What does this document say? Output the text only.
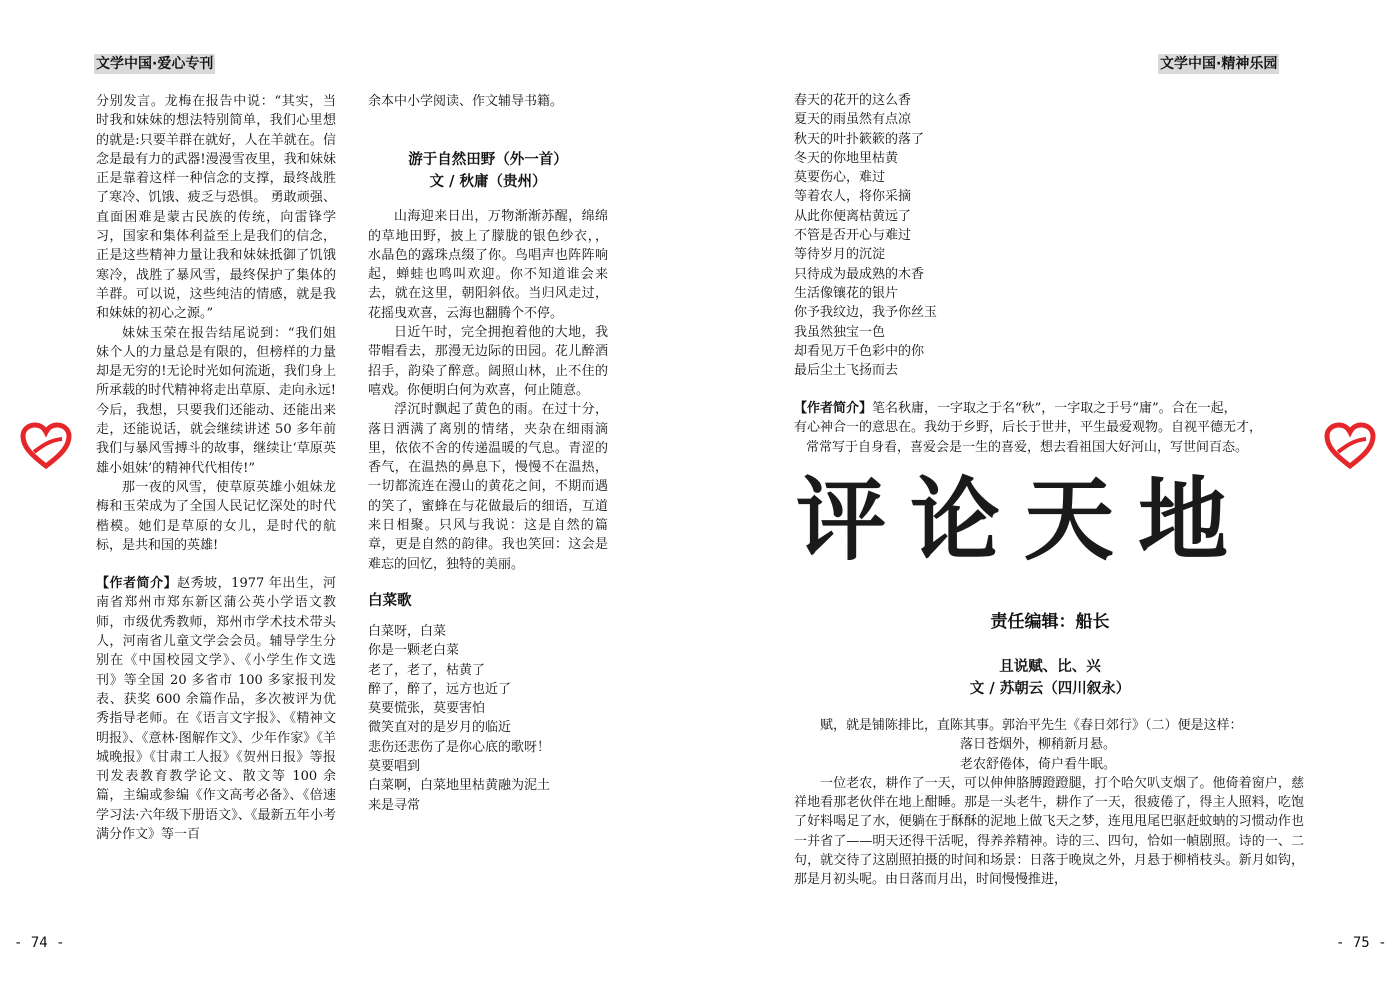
文学中国·爱心专刊

分别发言。龙梅在报告中说：“其实，当时我和妹妹的想法特别简单，我们心里想的就是:只要羊群在就好，人在羊就在。信念是最有力的武器!漫漫雪夜里，我和妹妹正是靠着这样一种信念的支撑，最终战胜了寒冷、饥饿、疲乏与恐惧。 勇敢顽强、直面困难是蒙古民族的传统，向雷锋学习，国家和集体利益至上是我们的信念，正是这些精神力量让我和妹妹抵御了饥饿寒冷，战胜了暴风雪，最终保护了集体的羊群。可以说，这些纯洁的情感，就是我和妹妹的初心之源。”

妹妹玉荣在报告结尾说到：“我们姐妹个人的力量总是有限的，但榜样的力量却是无穷的!无论时光如何流逝，我们身上所承载的时代精神将走出草原、走向永远!今后，我想，只要我们还能动、还能出来走，还能说话，就会继续讲述 50 多年前我们与暴风雪搏斗的故事，继续让‘草原英雄小姐妹’的精神代代相传!”

那一夜的风雪，使草原英雄小姐妹龙梅和玉荣成为了全国人民记忆深处的时代楷模。她们是草原的女儿，是时代的航标，是共和国的英雄!

【作者简介】赵秀坡，1977 年出生，河南省郑州市郑东新区蒲公英小学语文教师，市级优秀教师，郑州市学术技术带头人，河南省儿童文学会会员。辅导学生分别在《中国校园文学》、《小学生作文选刊》等全国 20 多省市 100 多家报刊发表、获奖 600 余篇作品，多次被评为优秀指导老师。在《语言文字报》、《精神文明报》、《意林·图解作文》、少年作家》《羊城晚报》《甘肃工人报》《贺州日报》等报刊发表教育教学论文、散文等 100 余篇，主编或参编《作文高考必备》、《倍速学习法·六年级下册语文》、《最新五年小考满分作文》等一百

余本中小学阅读、作文辅导书籍。

游于自然田野（外一首）
文 / 秋庸（贵州）

山海迎来日出，万物渐渐苏醒，绵绵的草地田野，披上了朦胧的银色纱衣，，水晶色的露珠点缀了你。鸟唱声也阵阵响起，蝉蛙也鸣叫欢迎。你不知道谁会来去，就在这里，朝阳斜依。当归风走过，花摇曳欢喜，云海也翻腾个不停。

日近午时，完全拥抱着他的大地，我带帽看去，那漫无边际的田园。花儿醉酒招手，韵染了醉意。阔照山林，止不住的嘻戏。你便明白何为欢喜，何止随意。

浮沉时飘起了黄色的雨。在过十分，落日洒满了离别的情绪，夹杂在细雨滴里，依依不舍的传递温暖的气息。青涩的香气，在温热的鼻息下，慢慢不在温热，一切都流连在漫山的黄花之间，不期而遇的笑了，蜜蜂在与花做最后的细语，互道来日相聚。只风与我说：这是自然的篇章，更是自然的韵律。我也笑回：这会是难忘的回忆，独特的美丽。

白菜歌
白菜呀，白菜
你是一颗老白菜
老了，老了，枯黄了
醉了，醉了，远方也近了
莫要慌张，莫要害怕
微笑直对的是岁月的临近
悲伤还悲伤了是你心底的歌呀！
莫要唱到
白菜啊，白菜地里枯黄融为泥土
来是寻常
- 74 -
文学中国·精神乐园
春天的花开的这么香
夏天的雨虽然有点凉
秋天的叶扑簌簌的落了
冬天的你地里枯黄
莫要伤心，难过
等着农人，将你采摘
从此你便离枯黄远了
不管是否开心与难过
等待岁月的沉淀
只待成为最成熟的木香
生活像镶花的银片
你予我纹边，我予你丝玉
我虽然独宝一色
却看见万千色彩中的你
最后尘土飞扬而去
【作者简介】笔名秋庸，一字取之于名“秋”，一字取之于号“庸”。合在一起，
有心神合一的意思在。我幼于乡野，后长于世井，平生最爱观物。自视平德无才，
常常写于自身看，喜爱会是一生的喜爱，想去看祖国大好河山，写世间百态。
评论天地
责任编辑：船长
且说赋、比、兴
文 / 苏朝云（四川叙永）
赋，就是铺陈排比，直陈其事。郭治平先生《春日郊行》（二）便是这样：
落日苍烟外，柳稍新月悬。
老农舒倦体，倚户看牛眠。

一位老农，耕作了一天，可以伸伸胳膊蹬蹬腿，打个哈欠叭支烟了。他倚着窗户，慈祥地看那老伙伴在地上酣睡。那是一头老牛，耕作了一天，很疲倦了，得主人照料，吃饱了好料喝足了水，便躺在于酥酥的泥地上做飞天之梦，连甩甩尾巴驱赶蚊蚋的习惯动作也一并省了——明天还得干活呢，得养养精神。诗的三、四句，恰如一幀剧照。诗的一、二句，就交待了这剧照拍摄的时间和场景：日落于晚岚之外，月悬于柳梢枝头。新月如钩，那是月初头呢。由日落而月出，时间慢慢推进，

- 75 -
